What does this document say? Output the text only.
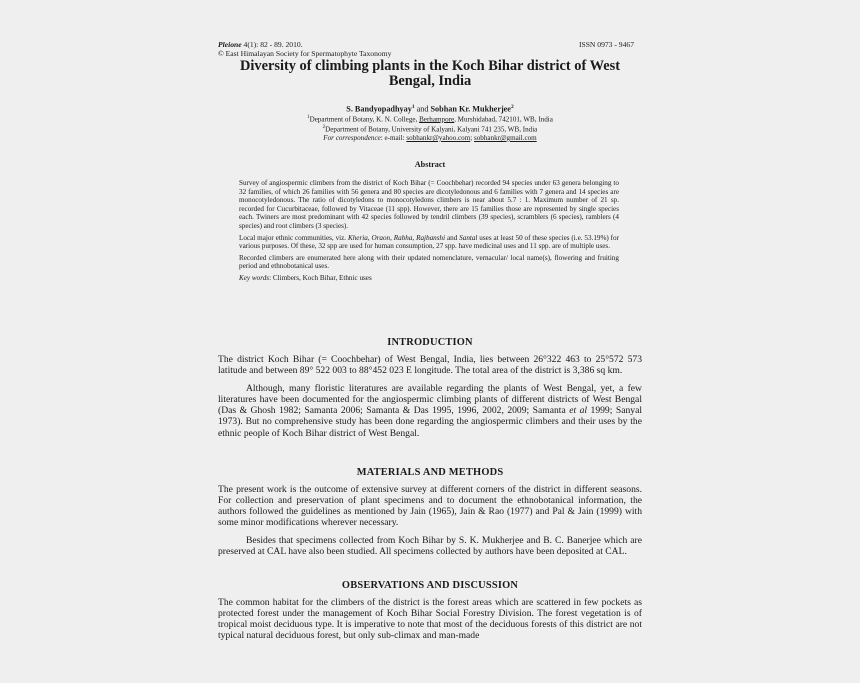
Pleione 4(1): 82 - 89. 2010.	ISSN 0973 - 9467
© East Himalayan Society for Spermatophyte Taxonomy
Diversity of climbing plants in the Koch Bihar district of West Bengal, India
S. Bandyopadhyay$^1$ and Sobhan Kr. Mukherjee$^2$
$^1$Department of Botany, K. N. College, Berhampore, Murshidabad, 742101, WB, India
$^2$Department of Botany, University of Kalyani, Kalyani 741 235, WB, India
For correspondence: e-mail: sobhankr@yahoo.com; sobhankr@gmail.com
Abstract

Survey of angiospermic climbers from the district of Koch Bihar (= Coochbehar) recorded 94 species under 63 genera belonging to 32 families, of which 26 families with 56 genera and 80 species are dicotyledonous and 6 families with 7 genera and 14 species are monocotyledonous. The ratio of dicotyledons to monocotyledons climbers is near about 5.7 : 1. Maximum number of 21 sp. recorded for Cucurbitaceae, followed by Vitaceae (11 spp). However, there are 15 families those are represented by single species each. Twiners are most predominant with 42 species followed by tendril climbers (39 species), scramblers (6 species), ramblers (4 species) and root climbers (3 species).

Local major ethnic communities, viz. Kheria, Oraon, Rabha, Rajbanshi and Santal uses at least 50 of these species (i.e. 53.19%) for various purposes. Of these, 32 spp are used for human consumption, 27 spp. have medicinal uses and 11 spp. are of multiple uses.

Recorded climbers are enumerated here along with their updated nomenclature, vernacular/ local name(s), flowering and fruiting period and ethnobotanical uses.

Key words: Climbers, Koch Bihar, Ethnic uses

INTRODUCTION

The district Koch Bihar (= Coochbehar) of West Bengal, India, lies between 26°322 463 to 25°572 573 latitude and between 89° 522 003 to 88°452 023 E longitude. The total area of the district is 3,386 sq km.

Although, many floristic literatures are available regarding the plants of West Bengal, yet, a few literatures have been documented for the angiospermic climbing plants of different districts of West Bengal (Das & Ghosh 1982; Samanta 2006; Samanta & Das 1995, 1996, 2002, 2009; Samanta et al 1999; Sanyal 1973). But no comprehensive study has been done regarding the angiospermic climbers and their uses by the ethnic people of Koch Bihar district of West Bengal.

MATERIALS AND METHODS

The present work is the outcome of extensive survey at different corners of the district in different seasons. For collection and preservation of plant specimens and to document the ethnobotanical information, the authors followed the guidelines as mentioned by Jain (1965), Jain & Rao (1977) and Pal & Jain (1999) with some minor modifications wherever necessary.

Besides that specimens collected from Koch Bihar by S. K. Mukherjee and B. C. Banerjee which are preserved at CAL have also been studied. All specimens collected by authors have been deposited at CAL.

OBSERVATIONS AND DISCUSSION

The common habitat for the climbers of the district is the forest areas which are scattered in few pockets as protected forest under the management of Koch Bihar Social Forestry Division. The forest vegetation is of tropical moist deciduous type. It is imperative to note that most of the deciduous forests of this district are not typical natural deciduous forest, but only sub-climax and man-made
